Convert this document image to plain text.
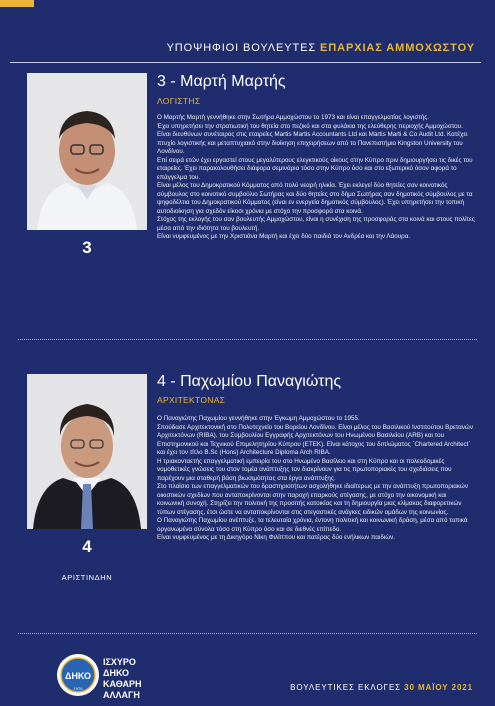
ΥΠΟΨΗΦΙΟΙ ΒΟΥΛΕΥΤΕΣ ΕΠΑΡΧΙΑΣ ΑΜΜΟΧΩΣΤΟΥ
3
3 - Μαρτή Μαρτής
ΛΟΓΙΣΤΗΣ

Ο Μαρτής Μαρτή γεννήθηκε στην Σωτήρα Αμμοχώστου το 1973 και είναι επαγγελματίας λογιστής.

Έχει υπηρετήσει την στρατιωτική του θητεία στο πεζικό και στα φυλάκια της ελεύθερης περιοχής Αμμοχώστου. Είναι διευθύνων συνέταιρος στις εταιρείες Martis Martis Accountants Ltd και Martis Marti & Co Audit Ltd. Κατέχει πτυχίο λογιστικής και μεταπτυχιακό στην διοίκηση επιχειρήσεων από το Πανεπιστήμιο Kingston University του Λονδίνου.

Επί σειρά ετών έχει εργαστεί στους μεγαλύτερους ελεγκτικούς οίκους στην Κύπρο πριν δημιουργήσει τις δικές του εταιρείες. Έχει παρακολουθήσει διάφορα σεμινάρια τόσο στην Κύπρο όσο και στο εξωτερικό όσον αφορά το επάγγελμα του.

Είναι μέλος του Δημοκρατικού Κόμματος από πολύ νεαρή ηλικία. Έχει εκλεγεί δύο θητείες σαν κοινοτικός σύμβουλος στο κοινοτικό συμβούλιο Σωτήρας και δύο θητείες στο δήμο Σωτήρας σαν δημοτικός σύμβουλος με τα ψηφοδέλτια του Δημοκρατικού Κόμματος (είναι εν ενεργεία δημοτικός σύμβουλος). Έχει υπηρετήσει την τοπική αυτοδιοίκηση για σχεδόν είκοσι χρόνια με στόχο την προσφορά στα κοινά.

Στόχος της εκλογής του σαν βουλευτής Αμμοχώστου, είναι η συνέχιση της προσφοράς στα κοινά και στους πολίτες μέσα από την ιδιότητα του βουλευτή.

Είναι νυμφευμένος με την Χριστιάνα Μαρτή και έχει δύο παιδιά τον Ανδρέα και την Λάουρα.

4
ΑΡΙΣΤΙΝΔΗΝ
4 - Παχωμίου Παναγιώτης
ΑΡΧΙΤΕΚΤΟΝΑΣ

Ο Παναγιώτης Παχωμίου γεννήθηκε στην Έγκωμη Αμμοχώστου το 1955.

Σπούδασε Αρχιτεκτονική στο Πολυτεχνείο του Βορείου Λονδίνου. Είναι μέλος του Βασιλικού Ινστιτούτου Βρετανών Αρχιτεκτόνων (RIBA), του Συμβουλίου Εγγραφής Αρχιτεκτόνων του Ηνωμένου Βασιλείου (ARB) και του Επιστημονικού και Τεχνικού Επιμελητηρίου Κύπρου (ΕΤΕΚ). Είναι κάτοχος του διπλώματος `Chartered Architect` και έχει τον τίτλο B.Sc (Hons) Architecture Diploma Arch RIBA.

Η τριακονταετής επαγγελματική εμπειρία του στο Ηνωμένο Βασίλειο και στη Κύπρο και οι πολεοδομικές νομοθετικές γνώσεις του στον τομέα ανάπτυξης τον διακρίνουν για τις πρωτοποριακές του σχεδιάσεις που παρέχουν μια σταθερή βάση βιωσιμότητας στα έργα ανάπτυξης.

Στο πλαίσιο των επαγγελματικών του δραστηριοτήτων ασχολήθηκε ιδιαίτερως με την ανάπτυξη πρωτοποριακών οικιστικών σχεδίων που ανταποκρίνονται στην παροχή επαρκούς στέγασης, με στόχο την οικονομική και κοινωνική συνοχή. Στηρίζει την πολιτική της προσιτής κατοικίας και τη δημιουργία μιας κλίμακας διαφορετικών τύπων στέγασης, έτσι ώστε να ανταποκρίνονται στις στεγαστικές ανάγκες ειδικών ομάδων της κοινωνίας.

Ο Παναγιώτης Παχωμίου ανέπτυξε, τα τελευταία χρόνια, έντονη πολιτική και κοινωνική δράση, μέσα από τοπικά οργανωμένα σύνολα τόσο στη Κύπρο όσο και σε διεθνές επίπεδο.

Είναι νυμφευμένος με τη Δικηγόρο Νίκη Φιλίππου και πατέρας δύο ενήλικων παιδιών.

ΔΗΚΟ
1976
ΙΣΧΥΡΟ
ΔΗΚΟ
ΚΑΘΑΡΗ
ΑΛΛΑΓΗ
ΒΟΥΛΕΥΤΙΚΕΣ ΕΚΛΟΓΕΣ 30 ΜΑΪΟΥ 2021
